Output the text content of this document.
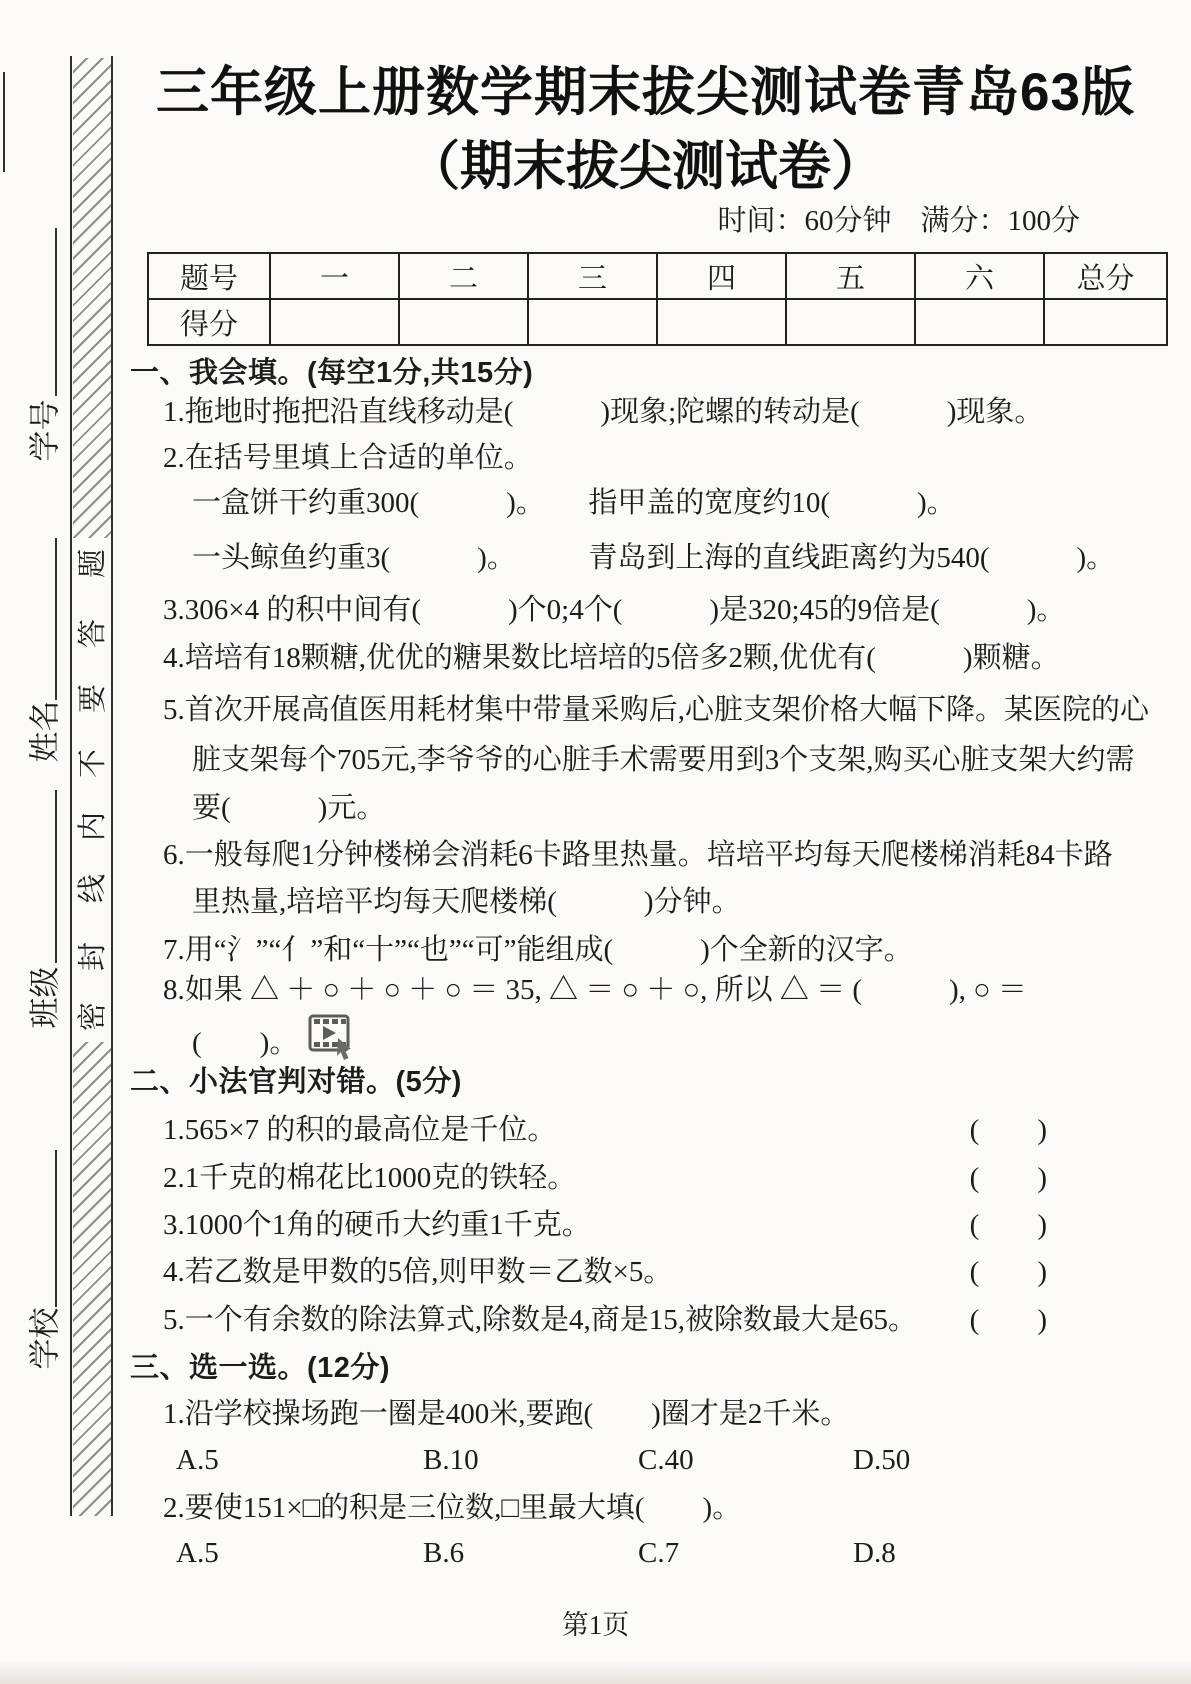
学号
姓名
班级
学校
题
答
要
不
内
线
封
密
三年级上册数学期末拔尖测试卷青岛63版
（期末拔尖测试卷）
时间：60分钟　满分：100分
题号	一	二	三	四	五	六	总分
得分							
一、我会填。(每空1分,共15分)
1.拖地时拖把沿直线移动是(　　　)现象;陀螺的转动是(　　　)现象。
2.在括号里填上合适的单位。
一盒饼干约重300(　　　)。　　指甲盖的宽度约10(　　　)。
一头鲸鱼约重3(　　　)。　　　青岛到上海的直线距离约为540(　　　)。
3.306×4 的积中间有(　　　)个0;4个(　　　)是320;45的9倍是(　　　)。
4.培培有18颗糖,优优的糖果数比培培的5倍多2颗,优优有(　　　)颗糖。
5.首次开展高值医用耗材集中带量采购后,心脏支架价格大幅下降。某医院的心
脏支架每个705元,李爷爷的心脏手术需要用到3个支架,购买心脏支架大约需
要(　　　)元。
6.一般每爬1分钟楼梯会消耗6卡路里热量。培培平均每天爬楼梯消耗84卡路
里热量,培培平均每天爬楼梯(　　　)分钟。
7.用“氵”“亻”和“十”“也”“可”能组成(　　　)个全新的汉字。
8.如果 △ ＋ ○ ＋ ○ ＋ ○ ＝ 35, △ ＝ ○ ＋ ○, 所以 △ ＝ (　　　), ○ ＝
(　　)。
二、小法官判对错。(5分)
1.565×7 的积的最高位是千位。	(　　)
2.1千克的棉花比1000克的铁轻。	(　　)
3.1000个1角的硬币大约重1千克。	(　　)
4.若乙数是甲数的5倍,则甲数＝乙数×5。	(　　)
5.一个有余数的除法算式,除数是4,商是15,被除数最大是65。 (　　)
三、选一选。(12分)
1.沿学校操场跑一圈是400米,要跑(　　)圈才是2千米。
A.5	B.10	C.40	D.50
2.要使151×□的积是三位数,□里最大填(　　)。
A.5	B.6	C.7	D.8
第1页
